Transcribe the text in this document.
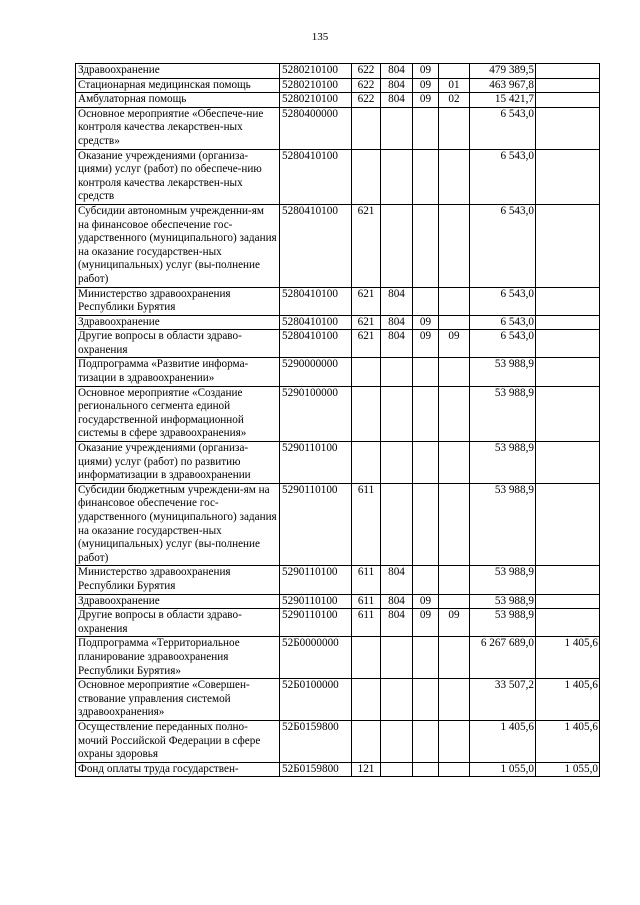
135
Здравоохранение	5280210100	622	804	09		479 389,5	
Стационарная медицинская помощь	5280210100	622	804	09	01	463 967,8	
Амбулаторная помощь	5280210100	622	804	09	02	15 421,7	
Основное мероприятие «Обеспече-ние контроля качества лекарствен-ных средств»	5280400000					6 543,0	
Оказание учреждениями (организа-циями) услуг (работ) по обеспече-нию контроля качества лекарствен-ных средств	5280410100					6 543,0	
Субсидии автономным учрежденни-ям на финансовое обеспечение гос-ударственного (муниципального) задания на оказание государствен-ных (муниципальных) услуг (вы-полнение работ)	5280410100	621				6 543,0	
Министерство здравоохранения Республики Бурятия	5280410100	621	804			6 543,0	
Здравоохранение	5280410100	621	804	09		6 543,0	
Другие вопросы в области здраво-охранения	5280410100	621	804	09	09	6 543,0	
Подпрограмма «Развитие информа-тизации в здравоохранении»	5290000000					53 988,9	
Основное мероприятие «Создание регионального сегмента единой государственной информационной системы в сфере здравоохранения»	5290100000					53 988,9	
Оказание учреждениями (организа-циями) услуг (работ) по развитию информатизации в здравоохранении	5290110100					53 988,9	
Субсидии бюджетным учреждени-ям на финансовое обеспечение гос-ударственного (муниципального) задания на оказание государствен-ных (муниципальных) услуг (вы-полнение работ)	5290110100	611				53 988,9	
Министерство здравоохранения Республики Бурятия	5290110100	611	804			53 988,9	
Здравоохранение	5290110100	611	804	09		53 988,9	
Другие вопросы в области здраво-охранения	5290110100	611	804	09	09	53 988,9	
Подпрограмма «Территориальное планирование здравоохранения Республики Бурятия»	52Б0000000					6 267 689,0	1 405,6
Основное мероприятие «Совершен-ствование управления системой здравоохранения»	52Б0100000					33 507,2	1 405,6
Осуществление переданных полно-мочий Российской Федерации в сфере охраны здоровья	52Б0159800					1 405,6	1 405,6
Фонд оплаты труда государствен-	52Б0159800	121				1 055,0	1 055,0
